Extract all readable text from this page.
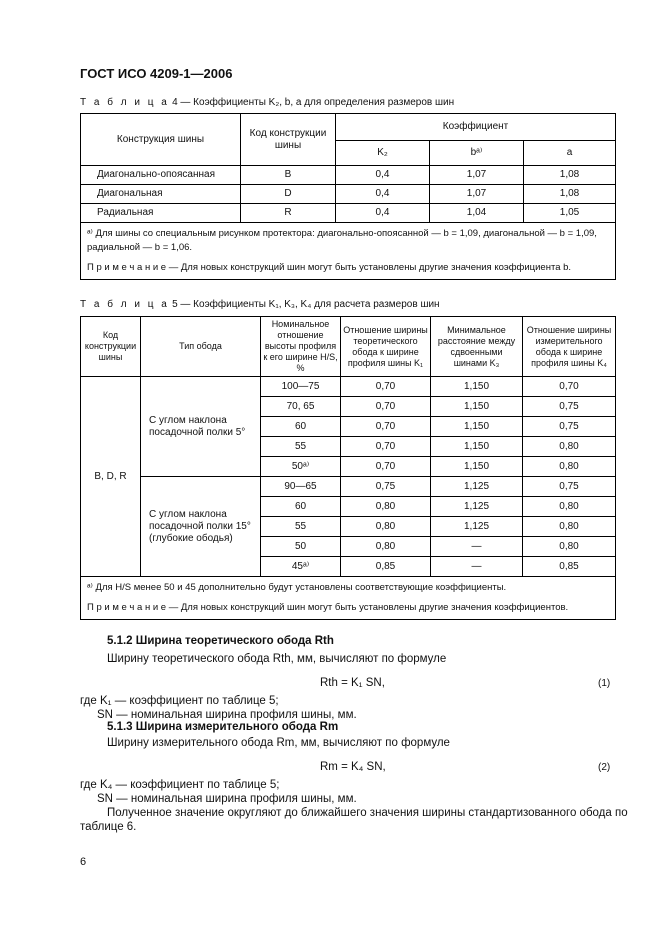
ГОСТ ИСО 4209-1—2006
Т а б л и ц а 4 — Коэффициенты K₂, b, a для определения размеров шин
Конструкция шины	Код конструкции шины	Коэффициент		
		K₂	bᵃ⁾	a
Диагонально-опоясанная	B	0,4	1,07	1,08
Диагональная	D	0,4	1,07	1,08
Радиальная	R	0,4	1,04	1,05

ᵃ⁾ Для шины со специальным рисунком протектора: диагонально-опоясанной — b = 1,09, диагональной — b = 1,09, радиальной — b = 1,06.
П р и м е ч а н и е — Для новых конструкций шин могут быть установлены другие значения коэффициента b.				
Т а б л и ц а 5 — Коэффициенты K₁, K₃, K₄ для расчета размеров шин
Код конструкции шины	Тип обода	Номинальное отношение высоты профиля к его ширине H/S, %	Отношение ширины теоретического обода к ширине профиля шины K₁	Минимальное расстояние между сдвоенными шинами K₃	Отношение ширины измерительного обода к ширине профиля шины K₄
B, D, R	С углом наклона посадочной полки 5°	100—75	0,70	1,150	0,70
		70, 65	0,70	1,150	0,75
		60	0,70	1,150	0,75
		55	0,70	1,150	0,80
		50ᵃ⁾	0,70	1,150	0,80
	С углом наклона посадочной полки 15° (глубокие ободья)	90—65	0,75	1,125	0,75
		60	0,80	1,125	0,80
		55	0,80	1,125	0,80
		50	0,80	—	0,80
		45ᵃ⁾	0,85	—	0,85

ᵃ⁾ Для H/S менее 50 и 45 дополнительно будут установлены соответствующие коэффициенты.
П р и м е ч а н и е — Для новых конструкций шин могут быть установлены другие значения коэффициентов.					
5.1.2 Ширина теоретического обода Rth
Ширину теоретического обода Rth, мм, вычисляют по формуле
Rth = K₁ SN,	(1)
где K₁ — коэффициент по таблице 5;
SN — номинальная ширина профиля шины, мм.
5.1.3 Ширина измерительного обода Rm
Ширину измерительного обода Rm, мм, вычисляют по формуле
Rm = K₄ SN,	(2)
где K₄ — коэффициент по таблице 5;
SN — номинальная ширина профиля шины, мм.
Полученное значение округляют до ближайшего значения ширины стандартизованного обода по
таблице 6.
6
